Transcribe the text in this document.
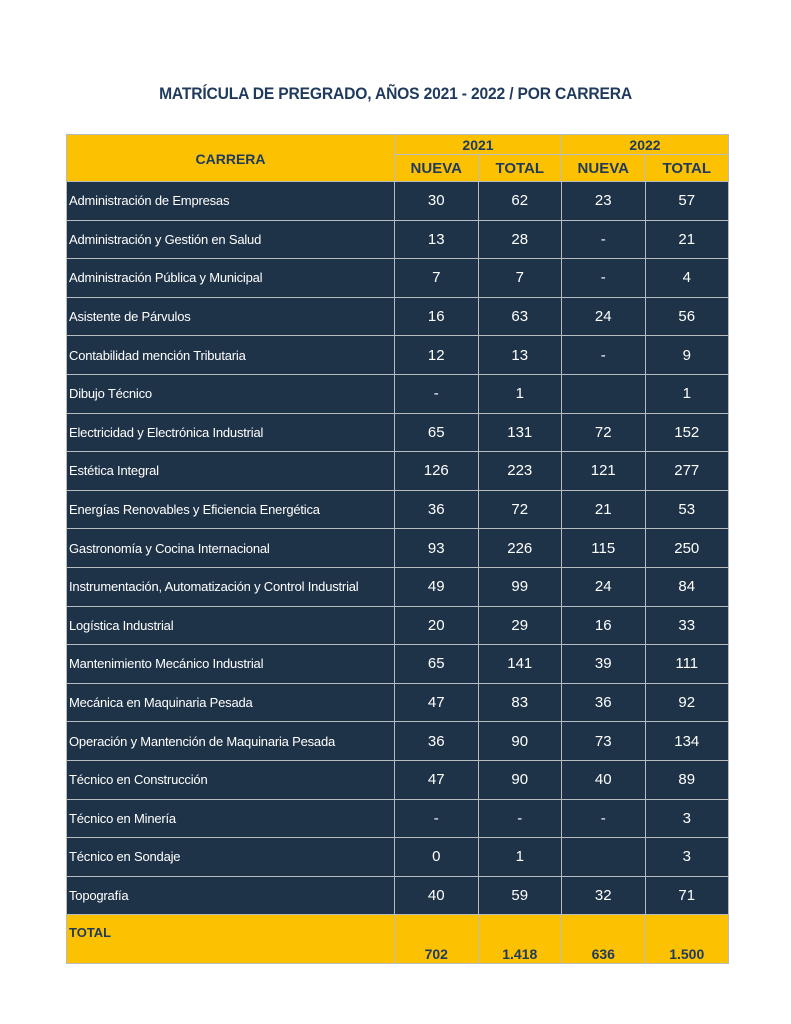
MATRÍCULA DE PREGRADO, AÑOS 2021 - 2022 / POR CARRERA
CARRERA	2021		2022	
	NUEVA	TOTAL	NUEVA	TOTAL
Administración de Empresas	30	62	23	57
Administración y Gestión en Salud	13	28	-	21
Administración Pública y Municipal	7	7	-	4
Asistente de Párvulos	16	63	24	56
Contabilidad mención Tributaria	12	13	-	9
Dibujo Técnico	-	1		1
Electricidad y Electrónica Industrial	65	131	72	152
Estética Integral	126	223	121	277
Energías Renovables y Eficiencia Energética	36	72	21	53
Gastronomía y Cocina Internacional	93	226	115	250
Instrumentación, Automatización y Control Industrial	49	99	24	84
Logística Industrial	20	29	16	33
Mantenimiento Mecánico Industrial	65	141	39	111
Mecánica en Maquinaria Pesada	47	83	36	92
Operación y Mantención de Maquinaria Pesada	36	90	73	134
Técnico en Construcción	47	90	40	89
Técnico en Minería	-	-	-	3
Técnico en Sondaje	0	1		3
Topografía	40	59	32	71
TOTAL	702	1.418	636	1.500
